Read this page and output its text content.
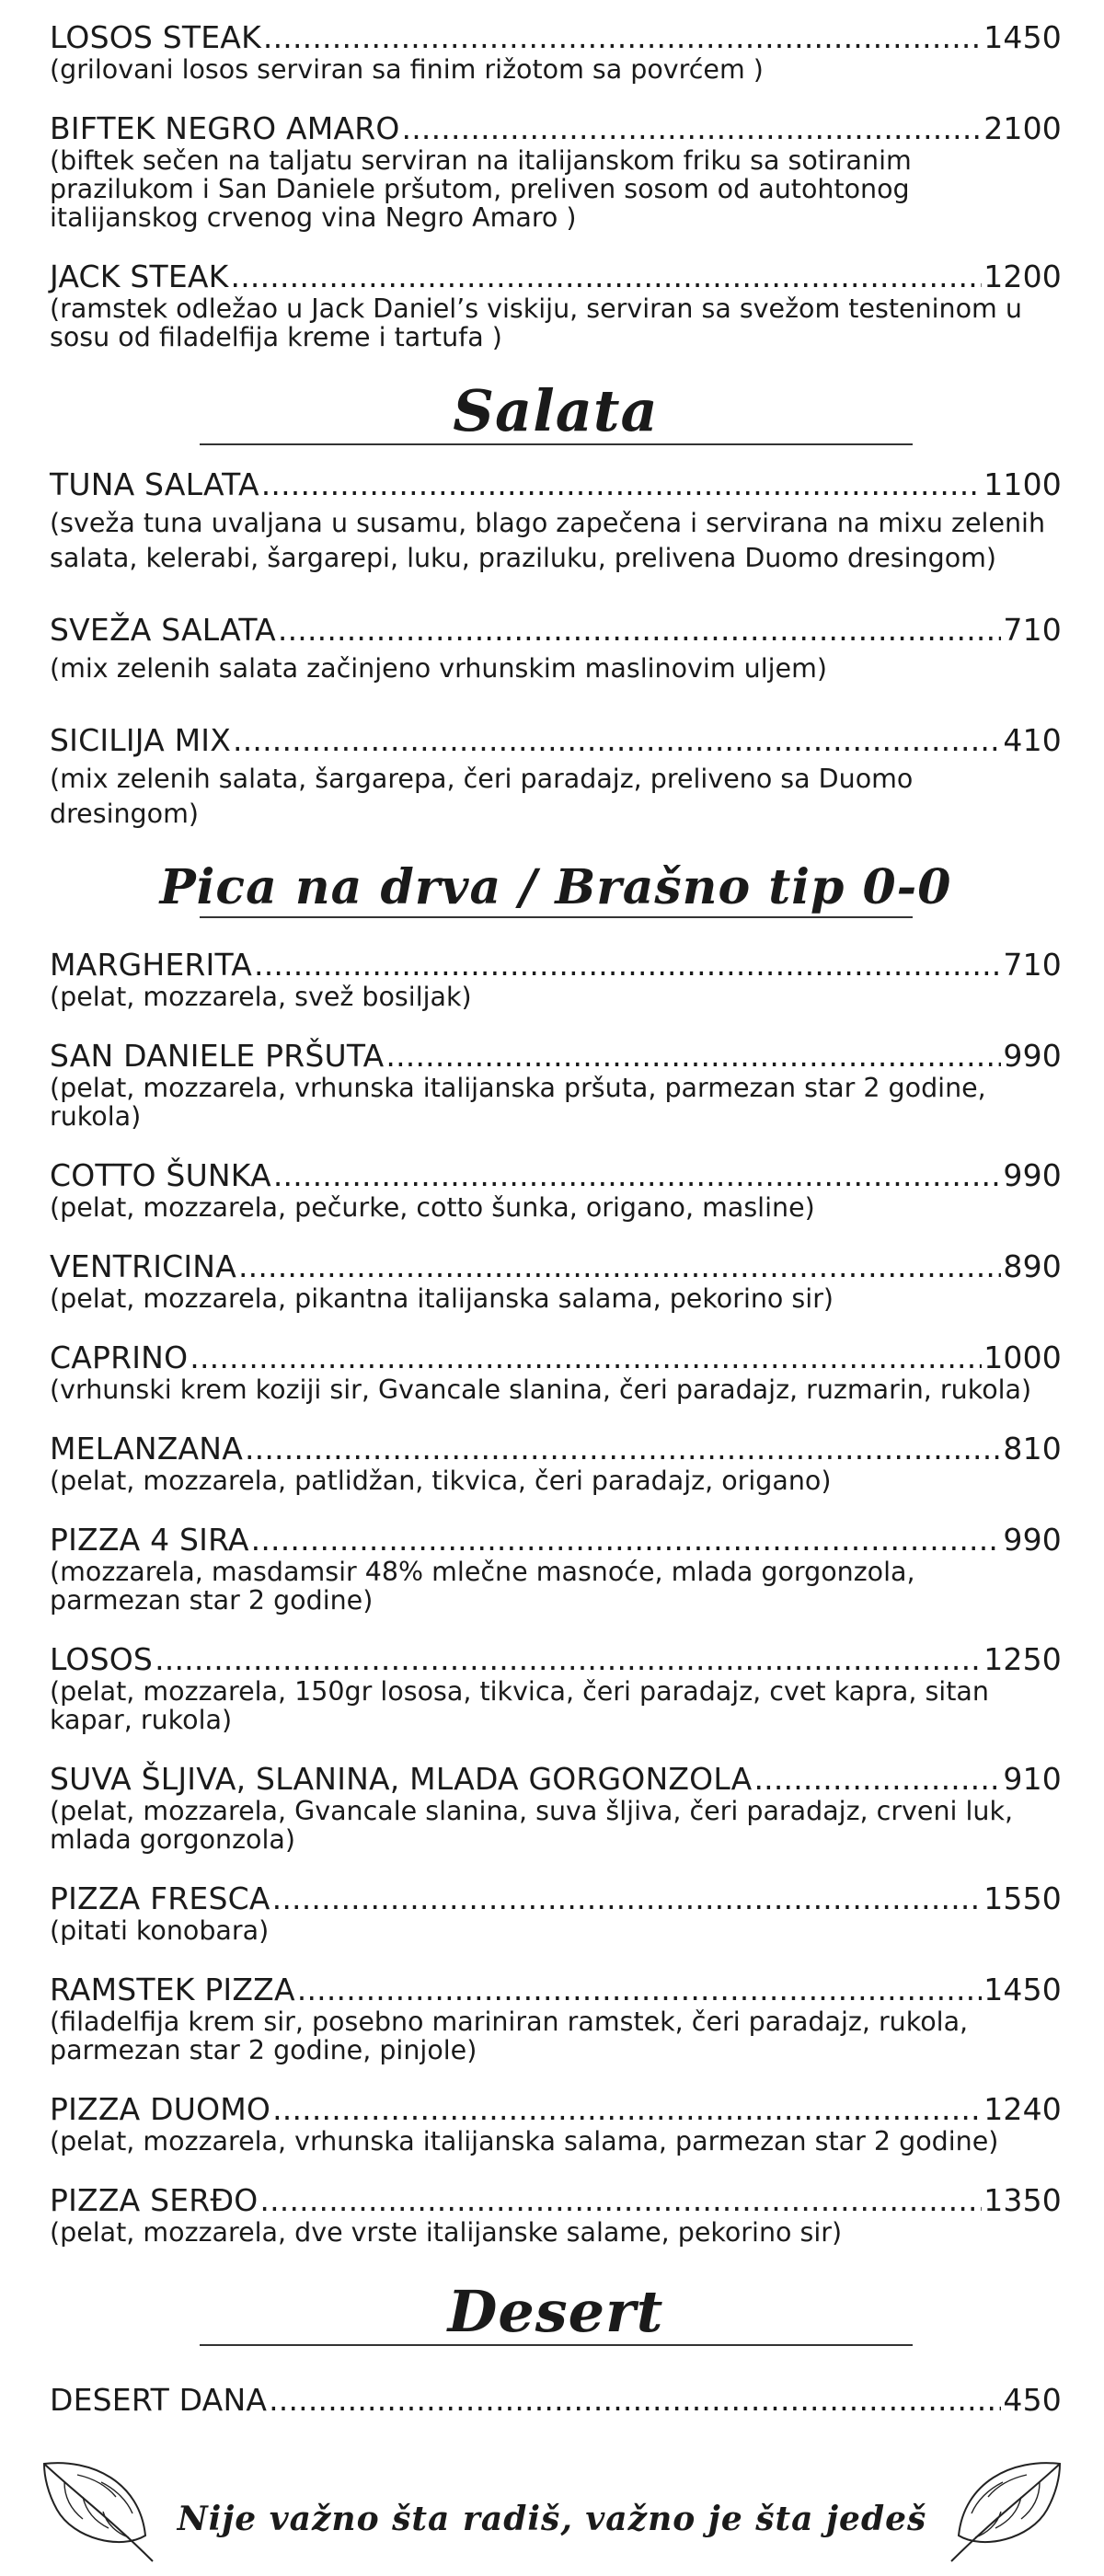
LOSOS STEAK .....	1450
(grilovani losos serviran sa finim rižotom sa povrćem )
BIFTEK NEGRO AMARO .....	2100
(biftek sečen na taljatu serviran na italijanskom friku sa sotiranim prazilukom i San Daniele pršutom, preliven sosom od autohtonog italijanskog crvenog vina Negro Amaro )
JACK STEAK .....	1200
(ramstek odležao u Jack Daniel’s viskiju, serviran sa svežom testeninom u sosu od filadelfija kreme i tartufa )
Salata
TUNA SALATA .....	1100
(sveža tuna uvaljana u susamu, blago zapečena i servirana na mixu zelenih salata, kelerabi, šargarepi, luku, praziluku, prelivena Duomo dresingom)
SVEŽA SALATA .....	710
(mix zelenih salata začinjeno vrhunskim maslinovim uljem)
SICILIJA MIX .....	410
(mix zelenih salata, šargarepa, čeri paradajz, preliveno sa Duomo dresingom)
Pica na drva / Brašno tip 0-0
MARGHERITA .....	710
(pelat, mozzarela, svež bosiljak)
SAN DANIELE PRŠUTA .....	990
(pelat, mozzarela, vrhunska italijanska pršuta, parmezan star 2 godine, rukola)
COTTO ŠUNKA .....	990
(pelat, mozzarela, pečurke, cotto šunka, origano, masline)
VENTRICINA .....	890
(pelat, mozzarela, pikantna italijanska salama, pekorino sir)
CAPRINO .....	1000
(vrhunski krem koziji sir, Gvancale slanina, čeri paradajz, ruzmarin, rukola)
MELANZANA .....	810
(pelat, mozzarela, patlidžan, tikvica, čeri paradajz, origano)
PIZZA 4 SIRA .....	990
(mozzarela, masdamsir 48% mlečne masnoće, mlada gorgonzola, parmezan star 2 godine)
LOSOS .....	1250
(pelat, mozzarela, 150gr lososa, tikvica, čeri paradajz, cvet kapra, sitan kapar, rukola)
SUVA ŠLJIVA, SLANINA, MLADA GORGONZOLA .....	910
(pelat, mozzarela, Gvancale slanina, suva šljiva, čeri paradajz, crveni luk, mlada gorgonzola)
PIZZA FRESCA .....	1550
(pitati konobara)
RAMSTEK PIZZA .....	1450
(filadelfija krem sir, posebno mariniran ramstek, čeri paradajz, rukola, parmezan star 2 godine, pinjole)
PIZZA DUOMO .....	1240
(pelat, mozzarela, vrhunska italijanska salama, parmezan star 2 godine)
PIZZA SERĐO .....	1350
(pelat, mozzarela, dve vrste italijanske salame, pekorino sir)
Desert
DESERT DANA .....	450
Nije važno šta radiš, važno je šta jedeš
